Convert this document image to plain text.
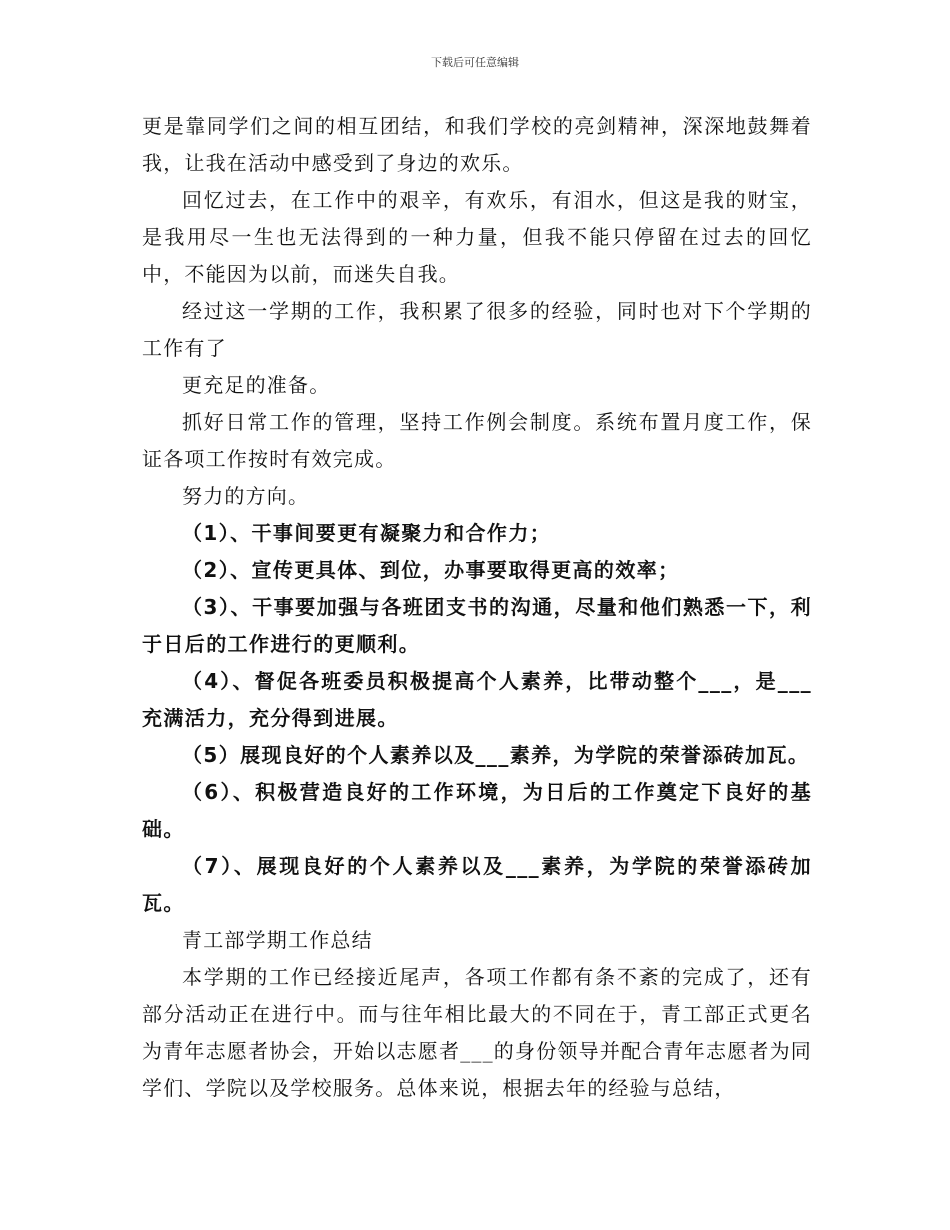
下载后可任意编辑

更是靠同学们之间的相互团结，和我们学校的亮剑精神，深深地鼓舞着我，让我在活动中感受到了身边的欢乐。

回忆过去，在工作中的艰辛，有欢乐，有泪水，但这是我的财宝，是我用尽一生也无法得到的一种力量，但我不能只停留在过去的回忆中，不能因为以前，而迷失自我。

经过这一学期的工作，我积累了很多的经验，同时也对下个学期的工作有了

更充足的准备。

抓好日常工作的管理，坚持工作例会制度。系统布置月度工作，保证各项工作按时有效完成。

努力的方向。

（1）、干事间要更有凝聚力和合作力；

（2）、宣传更具体、到位，办事要取得更高的效率；

（3）、干事要加强与各班团支书的沟通，尽量和他们熟悉一下，利于日后的工作进行的更顺利。

（4）、督促各班委员积极提高个人素养，比带动整个___，是___充满活力，充分得到进展。

（5）展现良好的个人素养以及___素养，为学院的荣誉添砖加瓦。

（6）、积极营造良好的工作环境，为日后的工作奠定下良好的基础。

（7）、展现良好的个人素养以及___素养，为学院的荣誉添砖加瓦。

青工部学期工作总结

本学期的工作已经接近尾声，各项工作都有条不紊的完成了，还有部分活动正在进行中。而与往年相比最大的不同在于，青工部正式更名为青年志愿者协会，开始以志愿者___的身份领导并配合青年志愿者为同学们、学院以及学校服务。总体来说，根据去年的经验与总结，
